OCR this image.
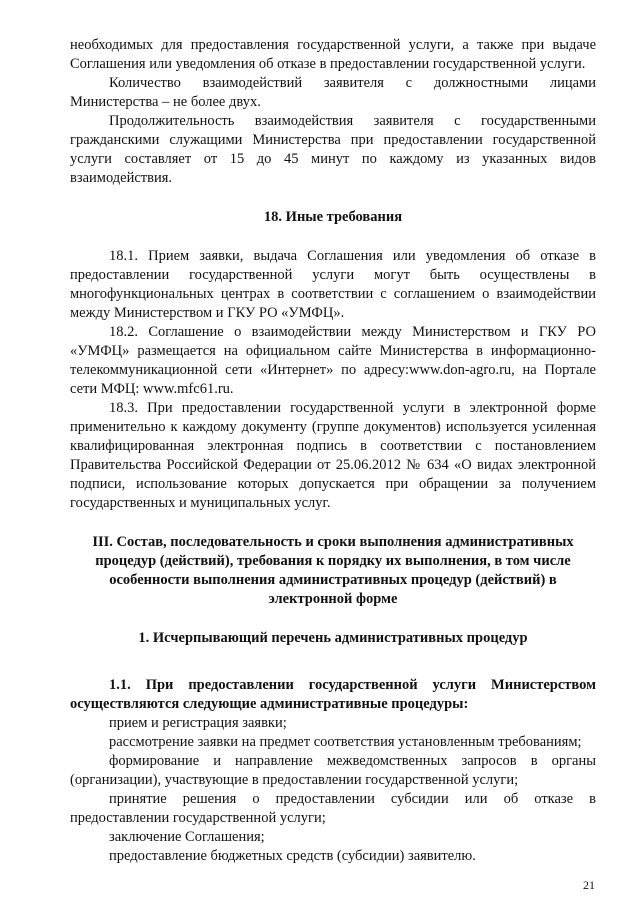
необходимых для предоставления государственной услуги, а также при выдаче Соглашения или уведомления об отказе в предоставлении государственной услуги.

Количество взаимодействий заявителя с должностными лицами Министерства – не более двух.

Продолжительность взаимодействия заявителя с государственными гражданскими служащими Министерства при предоставлении государственной услуги составляет от 15 до 45 минут по каждому из указанных видов взаимодействия.

18. Иные требования

18.1. Прием заявки, выдача Соглашения или уведомления об отказе в предоставлении государственной услуги могут быть осуществлены в многофункциональных центрах в соответствии с соглашением о взаимодействии между Министерством и ГКУ РО «УМФЦ».

18.2. Соглашение о взаимодействии между Министерством и ГКУ РО «УМФЦ» размещается на официальном сайте Министерства в информационно-телекоммуникационной сети «Интернет» по адресу:www.don-agro.ru, на Портале сети МФЦ: www.mfc61.ru.

18.3. При предоставлении государственной услуги в электронной форме применительно к каждому документу (группе документов) используется усиленная квалифицированная электронная подпись в соответствии с постановлением Правительства Российской Федерации от 25.06.2012 № 634 «О видах электронной подписи, использование которых допускается при обращении за получением государственных и муниципальных услуг.

III. Состав, последовательность и сроки выполнения административных процедур (действий), требования к порядку их выполнения, в том числе особенности выполнения административных процедур (действий) в электронной форме

1. Исчерпывающий перечень административных процедур

1.1. При предоставлении государственной услуги Министерством осуществляются следующие административные процедуры:

прием и регистрация заявки;

рассмотрение заявки на предмет соответствия установленным требованиям;

формирование и направление межведомственных запросов в органы (организации), участвующие в предоставлении государственной услуги;

принятие решения о предоставлении субсидии или об отказе в предоставлении государственной услуги;

заключение Соглашения;

предоставление бюджетных средств (субсидии) заявителю.

21
